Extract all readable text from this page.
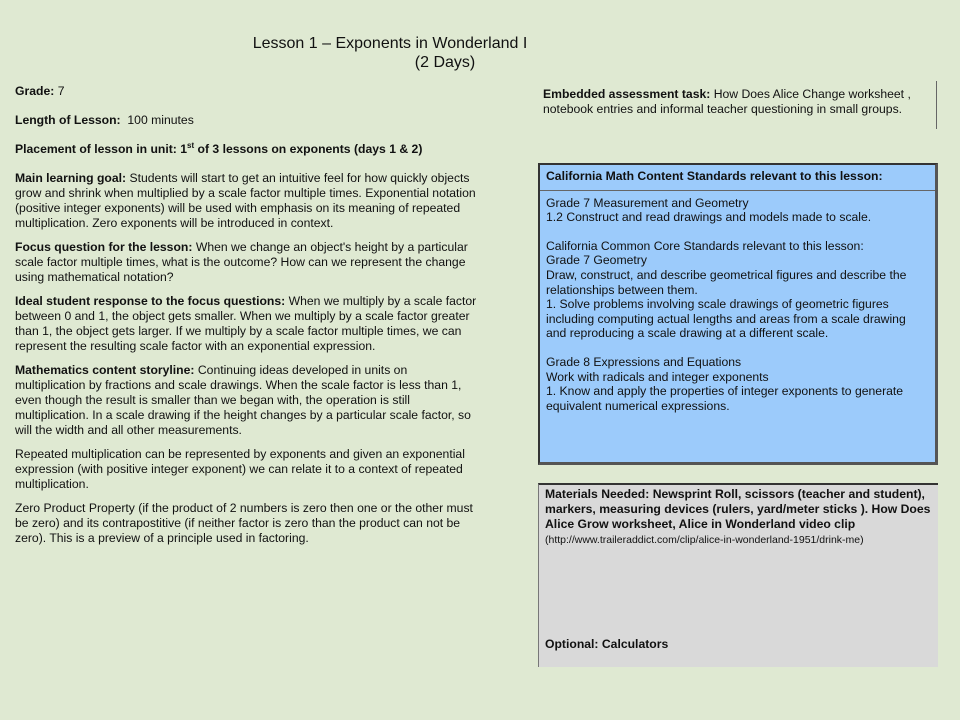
Lesson 1 – Exponents in Wonderland I
(2 Days)

Grade: 7

Length of Lesson: 100 minutes

Placement of lesson in unit: 1st of 3 lessons on exponents (days 1 & 2)

Main learning goal: Students will start to get an intuitive feel for how quickly objects grow and shrink when multiplied by a scale factor multiple times. Exponential notation (positive integer exponents) will be used with emphasis on its meaning of repeated multiplication. Zero exponents will be introduced in context.

Focus question for the lesson: When we change an object's height by a particular scale factor multiple times, what is the outcome? How can we represent the change using mathematical notation?

Ideal student response to the focus questions: When we multiply by a scale factor between 0 and 1, the object gets smaller. When we multiply by a scale factor greater than 1, the object gets larger. If we multiply by a scale factor multiple times, we can represent the resulting scale factor with an exponential expression.

Mathematics content storyline: Continuing ideas developed in units on multiplication by fractions and scale drawings. When the scale factor is less than 1, even though the result is smaller than we began with, the operation is still multiplication. In a scale drawing if the height changes by a particular scale factor, so will the width and all other measurements.

Repeated multiplication can be represented by exponents and given an exponential expression (with positive integer exponent) we can relate it to a context of repeated multiplication.

Zero Product Property (if the product of 2 numbers is zero then one or the other must be zero) and its contrapostitive (if neither factor is zero than the product can not be zero). This is a preview of a principle used in factoring.

Embedded assessment task: How Does Alice Change worksheet , notebook entries and informal teacher questioning in small groups.
California Math Content Standards relevant to this lesson:

Grade 7 Measurement and Geometry

1.2 Construct and read drawings and models made to scale.

California Common Core Standards relevant to this lesson:

Grade 7 Geometry
Draw, construct, and describe geometrical figures and describe the relationships between them.
1. Solve problems involving scale drawings of geometric figures including computing actual lengths and areas from a scale drawing and reproducing a scale drawing at a different scale.

Grade 8 Expressions and Equations

Work with radicals and integer exponents
1. Know and apply the properties of integer exponents to generate equivalent numerical expressions.
Materials Needed: Newsprint Roll, scissors (teacher and student), markers, measuring devices (rulers, yard/meter sticks ). How Does Alice Grow worksheet, Alice in Wonderland video clip (http://www.traileraddict.com/clip/alice-in-wonderland-1951/drink-me)
Optional: Calculators
